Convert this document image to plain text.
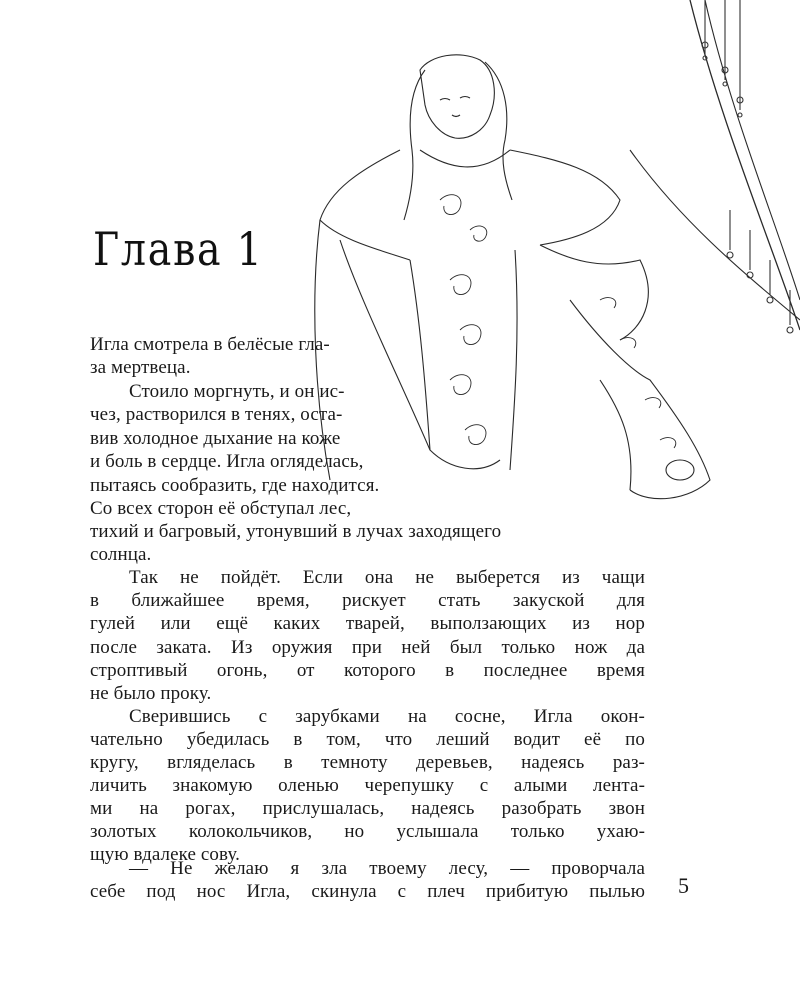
Глава 1
Игла смотрела в белёсые гла-
за мертвеца.
Стоило моргнуть, и он ис-
чез, растворился в тенях, оста-
вив холодное дыхание на коже
и боль в сердце. Игла огляделась,
пытаясь сообразить, где находится.
Со всех сторон её обступал лес,
тихий и багровый, утонувший в лучах заходящего
солнца.
Так не пойдёт. Если она не выберется из чащи
в ближайшее время, рискует стать закуской для
гулей или ещё каких тварей, выползающих из нор
после заката. Из оружия при ней был только нож да
строптивый огонь, от которого в последнее время
не было проку.
Сверившись с зарубками на сосне, Игла окон-
чательно убедилась в том, что леший водит её по
кругу, вгляделась в темноту деревьев, надеясь раз-
личить знакомую оленью черепушку с алыми лента-
ми на рогах, прислушалась, надеясь разобрать звон
золотых колокольчиков, но услышала только ухаю-
щую вдалеке сову.
— Не желаю я зла твоему лесу, — проворчала
себе под нос Игла, скинула с плеч прибитую пылью 5
